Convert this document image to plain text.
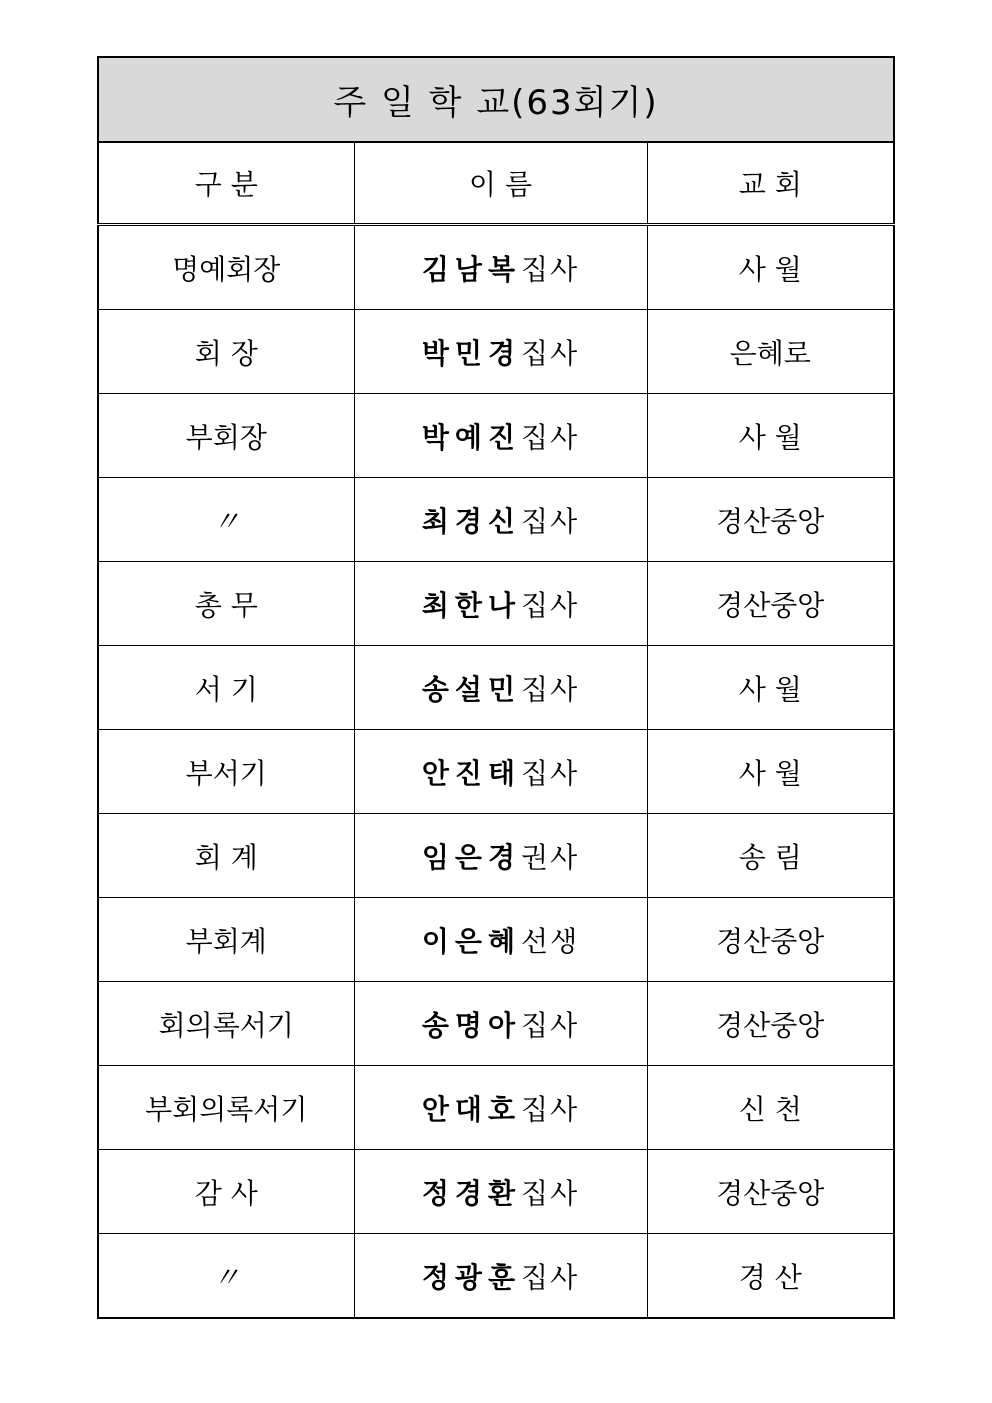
주 일 학 교(63회기)		
구 분	이 름	교 회
명예회장	김남복집사	사 월
회 장	박민경집사	은혜로
부회장	박예진집사	사 월
〃	최경신집사	경산중앙
총 무	최한나집사	경산중앙
서 기	송설민집사	사 월
부서기	안진태집사	사 월
회 계	임은경권사	송 림
부회계	이은혜선생	경산중앙
회의록서기	송명아집사	경산중앙
부회의록서기	안대호집사	신 천
감 사	정경환집사	경산중앙
〃	정광훈집사	경 산
